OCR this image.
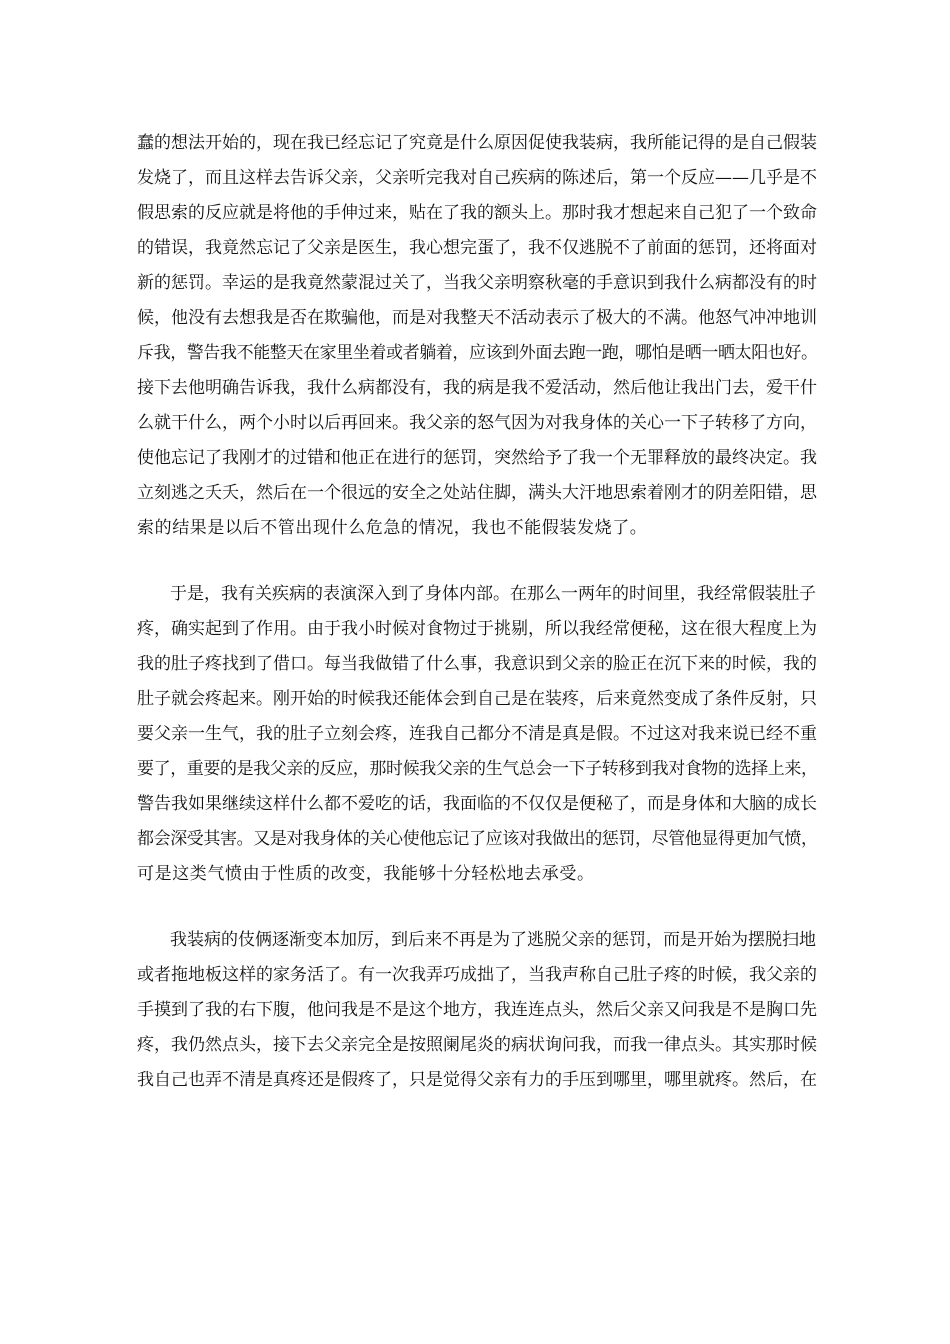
蠢的想法开始的，现在我已经忘记了究竟是什么原因促使我装病，我所能记得的是自己假装
发烧了，而且这样去告诉父亲，父亲听完我对自己疾病的陈述后，第一个反应——几乎是不
假思索的反应就是将他的手伸过来，贴在了我的额头上。那时我才想起来自己犯了一个致命
的错误，我竟然忘记了父亲是医生，我心想完蛋了，我不仅逃脱不了前面的惩罚，还将面对
新的惩罚。幸运的是我竟然蒙混过关了，当我父亲明察秋毫的手意识到我什么病都没有的时
候，他没有去想我是否在欺骗他，而是对我整天不活动表示了极大的不满。他怒气冲冲地训
斥我，警告我不能整天在家里坐着或者躺着，应该到外面去跑一跑，哪怕是晒一晒太阳也好。
接下去他明确告诉我，我什么病都没有，我的病是我不爱活动，然后他让我出门去，爱干什
么就干什么，两个小时以后再回来。我父亲的怒气因为对我身体的关心一下子转移了方向，
使他忘记了我刚才的过错和他正在进行的惩罚，突然给予了我一个无罪释放的最终决定。我
立刻逃之夭夭，然后在一个很远的安全之处站住脚，满头大汗地思索着刚才的阴差阳错，思
索的结果是以后不管出现什么危急的情况，我也不能假装发烧了。
于是，我有关疾病的表演深入到了身体内部。在那么一两年的时间里，我经常假装肚子
疼，确实起到了作用。由于我小时候对食物过于挑剔，所以我经常便秘，这在很大程度上为
我的肚子疼找到了借口。每当我做错了什么事，我意识到父亲的脸正在沉下来的时候，我的
肚子就会疼起来。刚开始的时候我还能体会到自己是在装疼，后来竟然变成了条件反射，只
要父亲一生气，我的肚子立刻会疼，连我自己都分不清是真是假。不过这对我来说已经不重
要了，重要的是我父亲的反应，那时候我父亲的生气总会一下子转移到我对食物的选择上来，
警告我如果继续这样什么都不爱吃的话，我面临的不仅仅是便秘了，而是身体和大脑的成长
都会深受其害。又是对我身体的关心使他忘记了应该对我做出的惩罚，尽管他显得更加气愤，
可是这类气愤由于性质的改变，我能够十分轻松地去承受。
我装病的伎俩逐渐变本加厉，到后来不再是为了逃脱父亲的惩罚，而是开始为摆脱扫地
或者拖地板这样的家务活了。有一次我弄巧成拙了，当我声称自己肚子疼的时候，我父亲的
手摸到了我的右下腹，他问我是不是这个地方，我连连点头，然后父亲又问我是不是胸口先
疼，我仍然点头，接下去父亲完全是按照阑尾炎的病状询问我，而我一律点头。其实那时候
我自己也弄不清是真疼还是假疼了，只是觉得父亲有力的手压到哪里，哪里就疼。然后，在
